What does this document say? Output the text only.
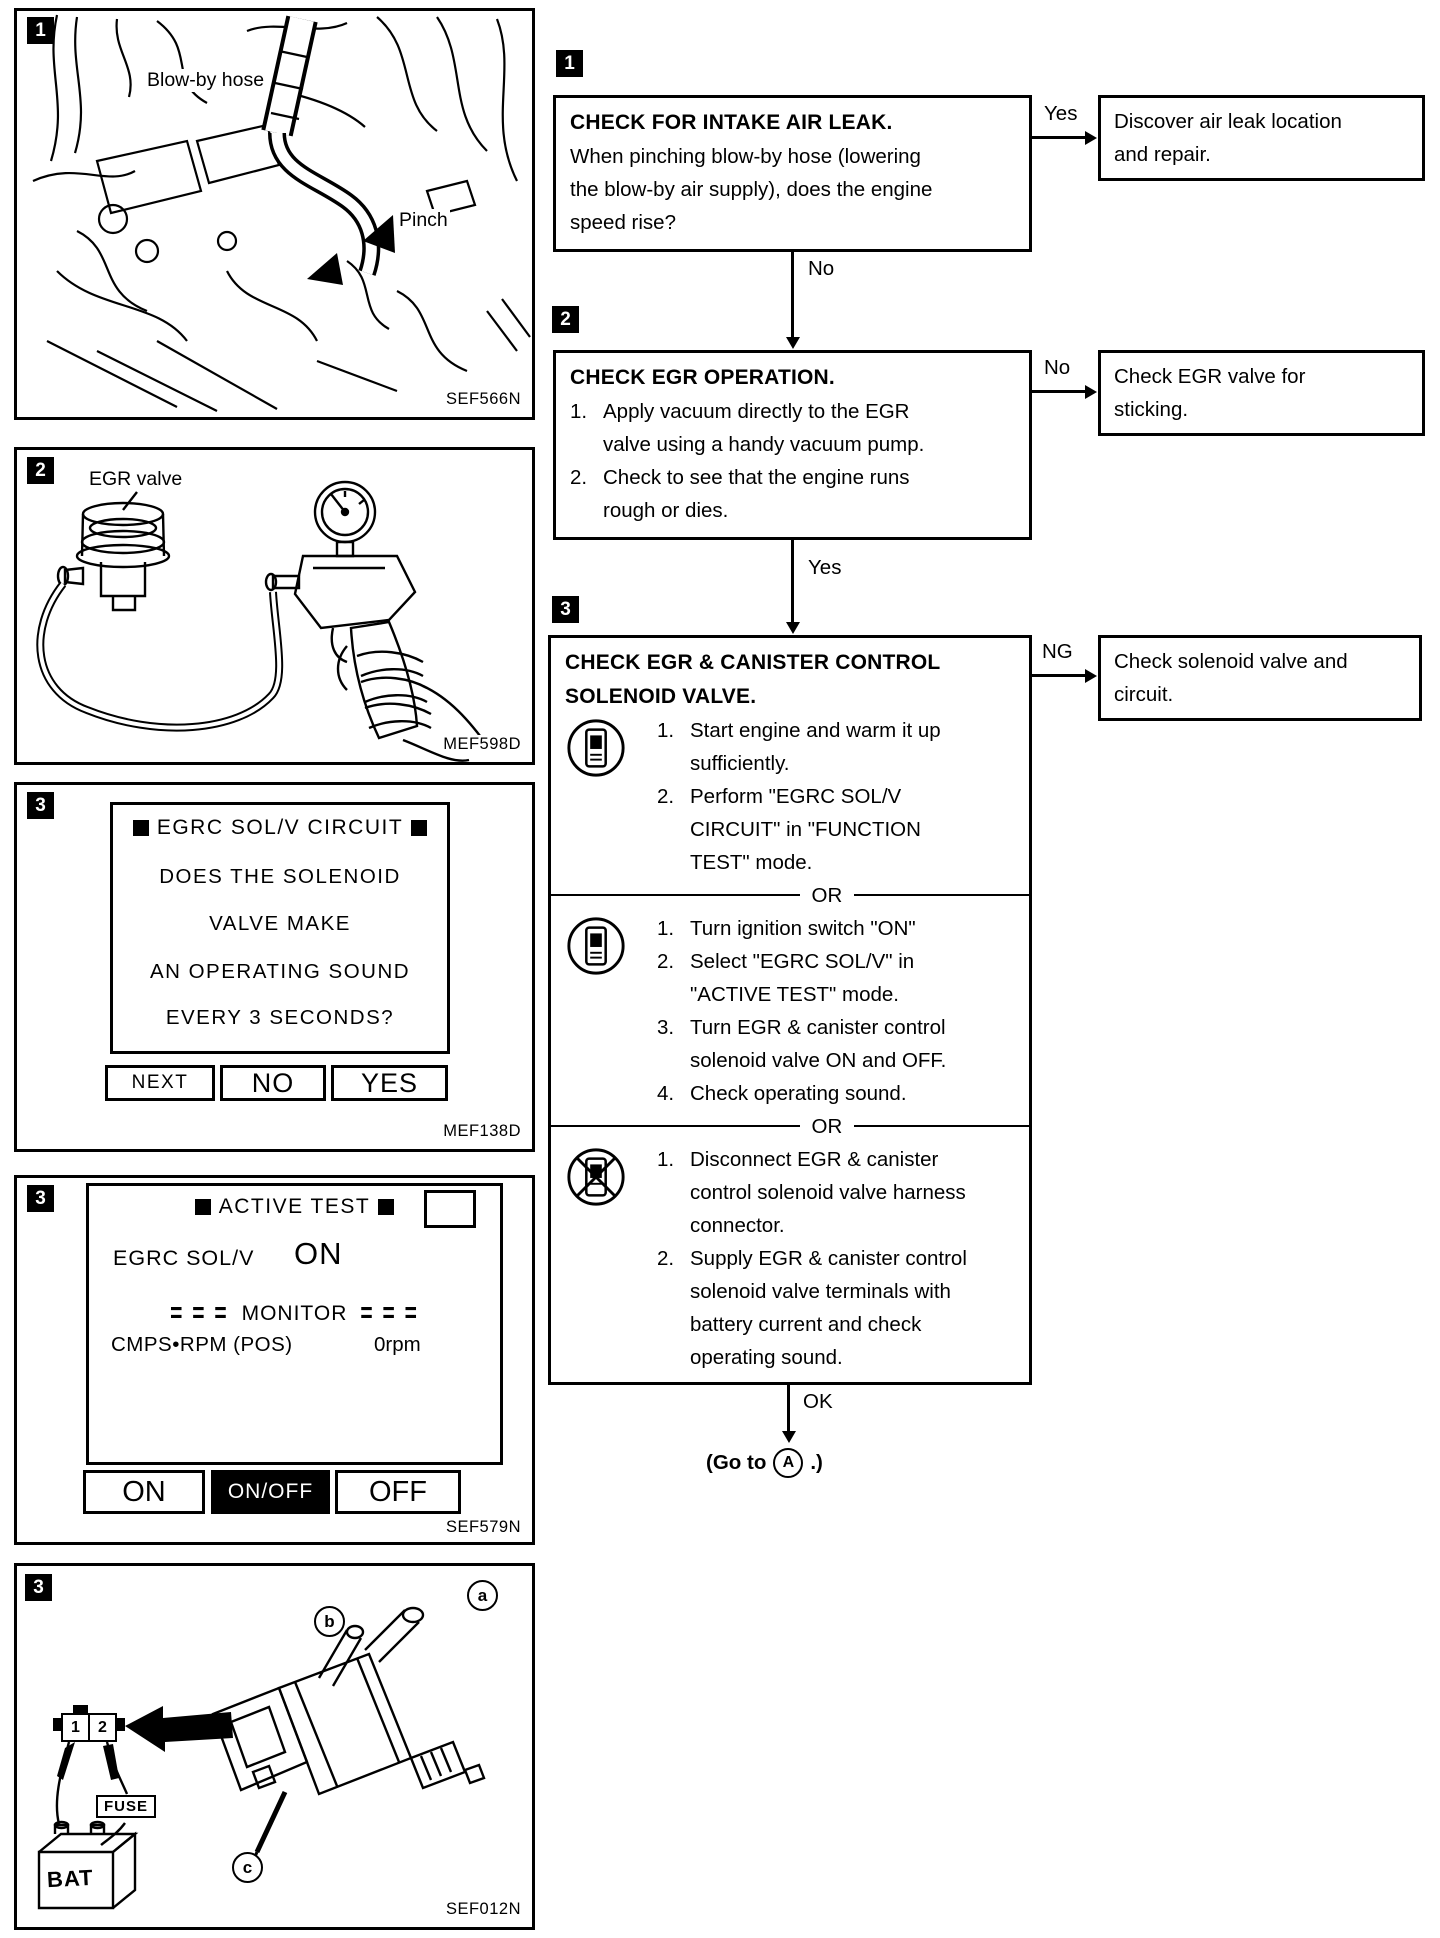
1
Blow-by hose
Pinch
SEF566N
2	EGR valve
MEF598D
3
EGRC SOL/V CIRCUIT
DOES THE SOLENOID
VALVE MAKE
AN OPERATING SOUND
EVERY 3 SECONDS?
NEXT	NO	YES
MEF138D
3	ACTIVE TEST
EGRC SOL/V ON
= = = MONITOR = = =
CMPS•RPM (POS)	0rpm
ON	ON/OFF	OFF
SEF579N
3
1	2
FUSE
BAT
a
b
c
SEF012N
1
CHECK FOR INTAKE AIR LEAK.
When pinching blow-by hose (lowering
the blow-by air supply), does the engine
speed rise?
Yes Discover air leak location
and repair.
No
2
CHECK EGR OPERATION.
Apply vacuum directly to the EGR
valve using a handy vacuum pump.
Check to see that the engine runs
rough or dies.
No Check EGR valve for
sticking.
Yes
3
CHECK EGR & CANISTER CONTROL
SOLENOID VALVE.
Start engine and warm it up
sufficiently.
Perform "EGRC SOL/V
CIRCUIT" in "FUNCTION
TEST" mode.
OR
Turn ignition switch "ON"
Select "EGRC SOL/V" in
"ACTIVE TEST" mode.
Turn EGR & canister control
solenoid valve ON and OFF.
Check operating sound.
OR
Disconnect EGR & canister
control solenoid valve harness
connector.
Supply EGR & canister control
solenoid valve terminals with
battery current and check
operating sound.
NG Check solenoid valve and
circuit.
OK
(Go to	A .)
